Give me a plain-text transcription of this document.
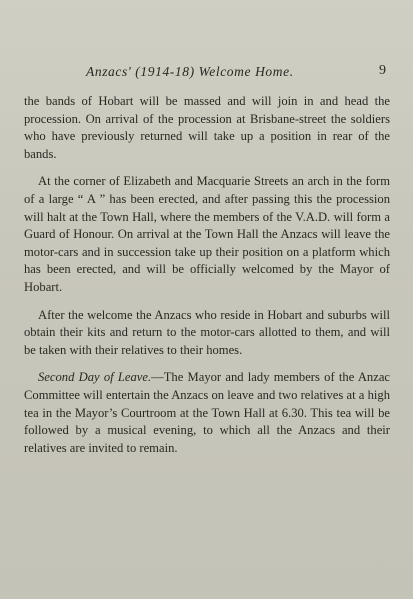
Anzacs' (1914-18) Welcome Home.	9

the bands of Hobart will be massed and will join in and head the procession. On arrival of the procession at Brisbane-street the soldiers who have previously returned will take up a position in rear of the bands.

At the corner of Elizabeth and Macquarie Streets an arch in the form of a large “ A ” has been erected, and after passing this the procession will halt at the Town Hall, where the members of the V.A.D. will form a Guard of Honour. On arrival at the Town Hall the Anzacs will leave the motor-cars and in succession take up their position on a platform which has been erected, and will be officially welcomed by the Mayor of Hobart.

After the welcome the Anzacs who reside in Hobart and suburbs will obtain their kits and return to the motor-cars allotted to them, and will be taken with their relatives to their homes.

Second Day of Leave.—The Mayor and lady members of the Anzac Committee will entertain the Anzacs on leave and two relatives at a high tea in the Mayor’s Courtroom at the Town Hall at 6.30. This tea will be followed by a musical evening, to which all the Anzacs and their relatives are invited to remain.
